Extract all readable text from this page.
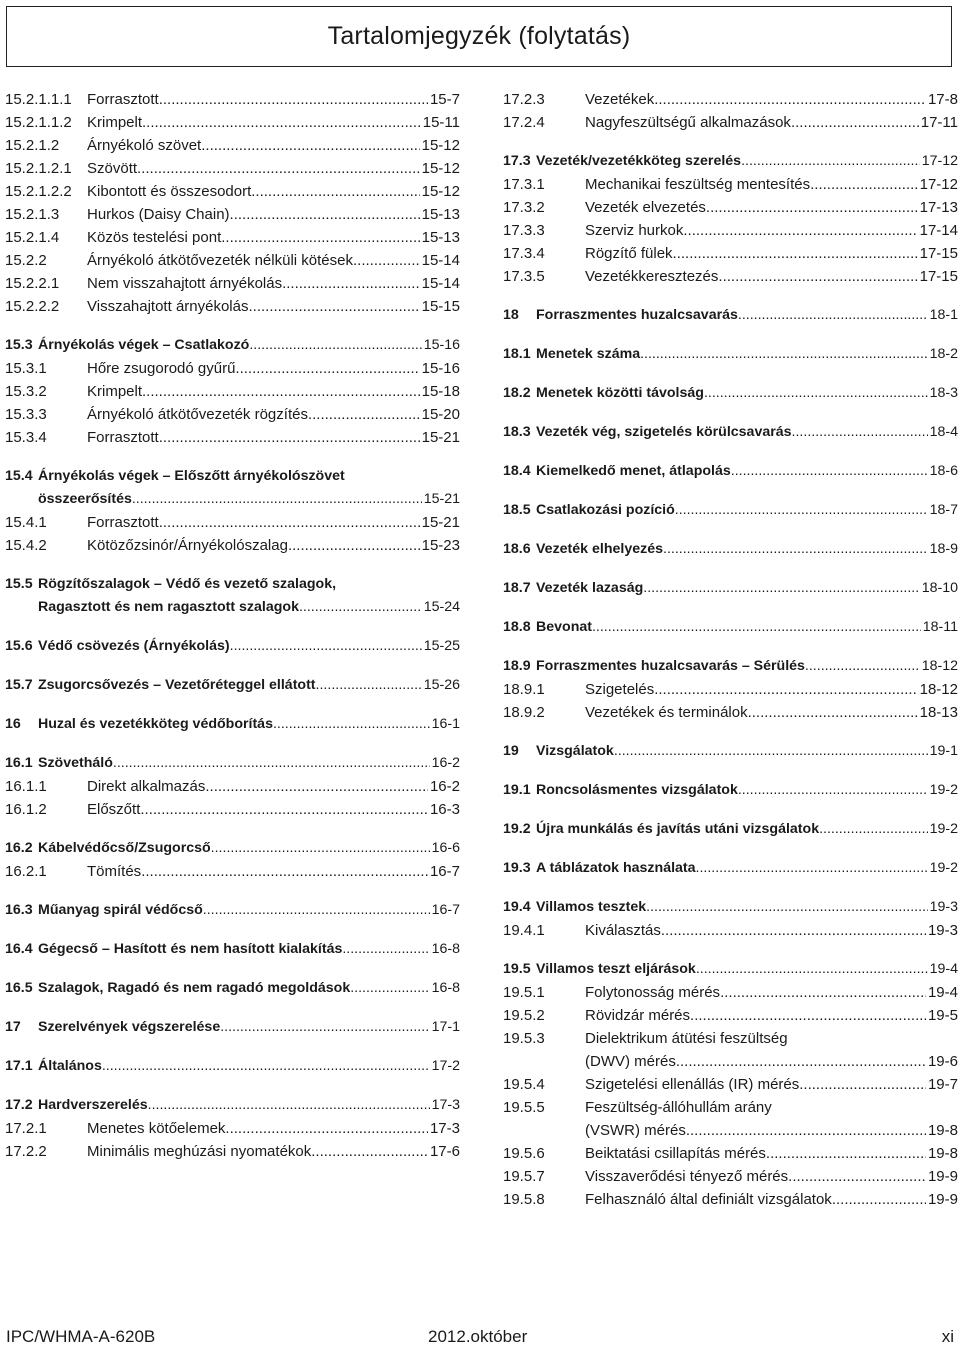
Tartalomjegyzék (folytatás)
15.2.1.1.1	Forrasztott .....	15-7
15.2.1.1.2	Krimpelt .....	15-11
15.2.1.2	Árnyékoló szövet .....	15-12
15.2.1.2.1	Szövött .....	15-12
15.2.1.2.2	Kibontott és összesodort .....	15-12
15.2.1.3	Hurkos (Daisy Chain) .....	15-13
15.2.1.4	Közös testelési pont .....	15-13
15.2.2	Árnyékoló átkötővezeték nélküli kötések .....	15-14
15.2.2.1	Nem visszahajtott árnyékolás .....	15-14
15.2.2.2	Visszahajtott árnyékolás .....	15-15
15.3 Árnyékolás végek – Csatlakozó .....	15-16
15.3.1	Hőre zsugorodó gyűrű .....	15-16
15.3.2	Krimpelt .....	15-18
15.3.3	Árnyékoló átkötővezeték rögzítés .....	15-20
15.3.4	Forrasztott .....	15-21
15.4 Árnyékolás végek – Előszőtt árnyékolószövet
összeerősítés .....	15-21
15.4.1	Forrasztott .....	15-21
15.4.2	Kötözőzsinór/Árnyékolószalag .....	15-23
15.5 Rögzítőszalagok – Védő és vezető szalagok,
Ragasztott és nem ragasztott szalagok .....	15-24
15.6 Védő csövezés (Árnyékolás) .....	15-25
15.7 Zsugorcsővezés – Vezetőréteggel ellátott .....	15-26
16	Huzal és vezetékköteg védőborítás .....	16-1
16.1 Szövetháló .....	16-2
16.1.1	Direkt alkalmazás .....	16-2
16.1.2	Előszőtt .....	16-3
16.2 Kábelvédőcső/Zsugorcső .....	16-6
16.2.1	Tömítés .....	16-7
16.3 Műanyag spirál védőcső .....	16-7
16.4 Gégecső – Hasított és nem hasított kialakítás .....	16-8
16.5 Szalagok, Ragadó és nem ragadó megoldások .....	16-8
17	Szerelvények végszerelése .....	17-1
17.1 Általános .....	17-2
17.2 Hardverszerelés .....	17-3
17.2.1	Menetes kötőelemek .....	17-3
17.2.2	Minimális meghúzási nyomatékok .....	17-6
17.2.3	Vezetékek .....	17-8
17.2.4	Nagyfeszültségű alkalmazások .....	17-11
17.3 Vezeték/vezetékköteg szerelés .....	17-12
17.3.1	Mechanikai feszültség mentesítés .....	17-12
17.3.2	Vezeték elvezetés .....	17-13
17.3.3	Szerviz hurkok .....	17-14
17.3.4	Rögzítő fülek .....	17-15
17.3.5	Vezetékkeresztezés .....	17-15
18	Forraszmentes huzalcsavarás .....	18-1
18.1 Menetek száma .....	18-2
18.2 Menetek közötti távolság .....	18-3
18.3 Vezeték vég, szigetelés körülcsavarás .....	18-4
18.4 Kiemelkedő menet, átlapolás .....	18-6
18.5 Csatlakozási pozíció .....	18-7
18.6 Vezeték elhelyezés .....	18-9
18.7 Vezeték lazaság .....	18-10
18.8 Bevonat .....	18-11
18.9 Forraszmentes huzalcsavarás – Sérülés .....	18-12
18.9.1	Szigetelés .....	18-12
18.9.2	Vezetékek és terminálok .....	18-13
19	Vizsgálatok .....	19-1
19.1 Roncsolásmentes vizsgálatok .....	19-2
19.2 Újra munkálás és javítás utáni vizsgálatok .....	19-2
19.3 A táblázatok használata .....	19-2
19.4 Villamos tesztek .....	19-3
19.4.1	Kiválasztás .....	19-3
19.5 Villamos teszt eljárások .....	19-4
19.5.1	Folytonosság mérés .....	19-4
19.5.2	Rövidzár mérés .....	19-5
19.5.3	Dielektrikum átütési feszültség
(DWV) mérés .....	19-6
19.5.4	Szigetelési ellenállás (IR) mérés .....	19-7
19.5.5	Feszültség-állóhullám arány
(VSWR) mérés .....	19-8
19.5.6	Beiktatási csillapítás mérés .....	19-8
19.5.7	Visszaverődési tényező mérés .....	19-9
19.5.8	Felhasználó által definiált vizsgálatok .....	19-9
IPC/WHMA-A-620B	2012.október	xi
